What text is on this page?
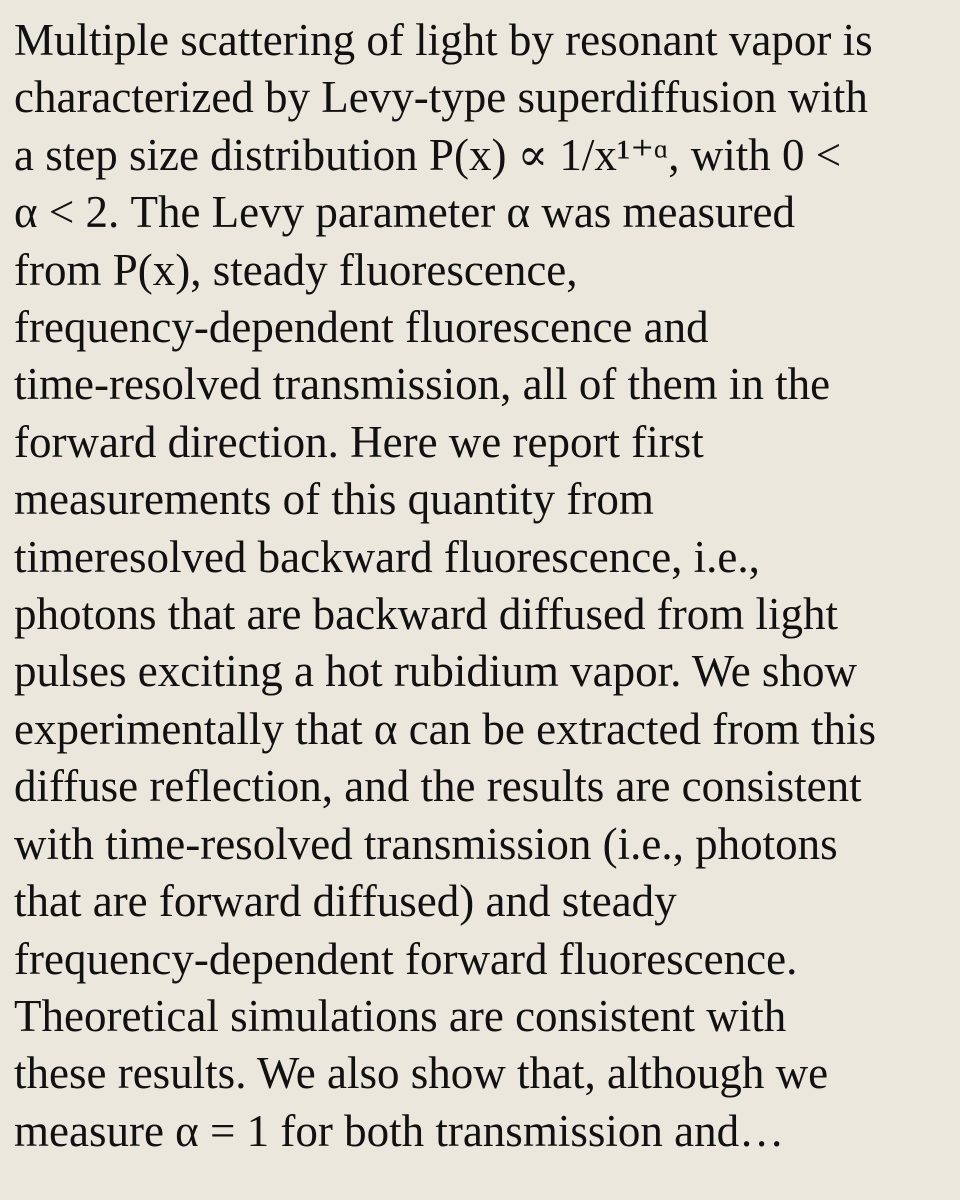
Multiple scattering of light by resonant vapor is
characterized by Levy-type superdiffusion with
a step size distribution P(x) ∝ 1/x¹⁺ᵅ, with 0 <
α < 2. The Levy parameter α was measured
from P(x), steady fluorescence,
frequency-dependent fluorescence and
time-resolved transmission, all of them in the
forward direction. Here we report first
measurements of this quantity from
timeresolved backward fluorescence, i.e.,
photons that are backward diffused from light
pulses exciting a hot rubidium vapor. We show
experimentally that α can be extracted from this
diffuse reflection, and the results are consistent
with time-resolved transmission (i.e., photons
that are forward diffused) and steady
frequency-dependent forward fluorescence.
Theoretical simulations are consistent with
these results. We also show that, although we
measure α = 1 for both transmission and…
